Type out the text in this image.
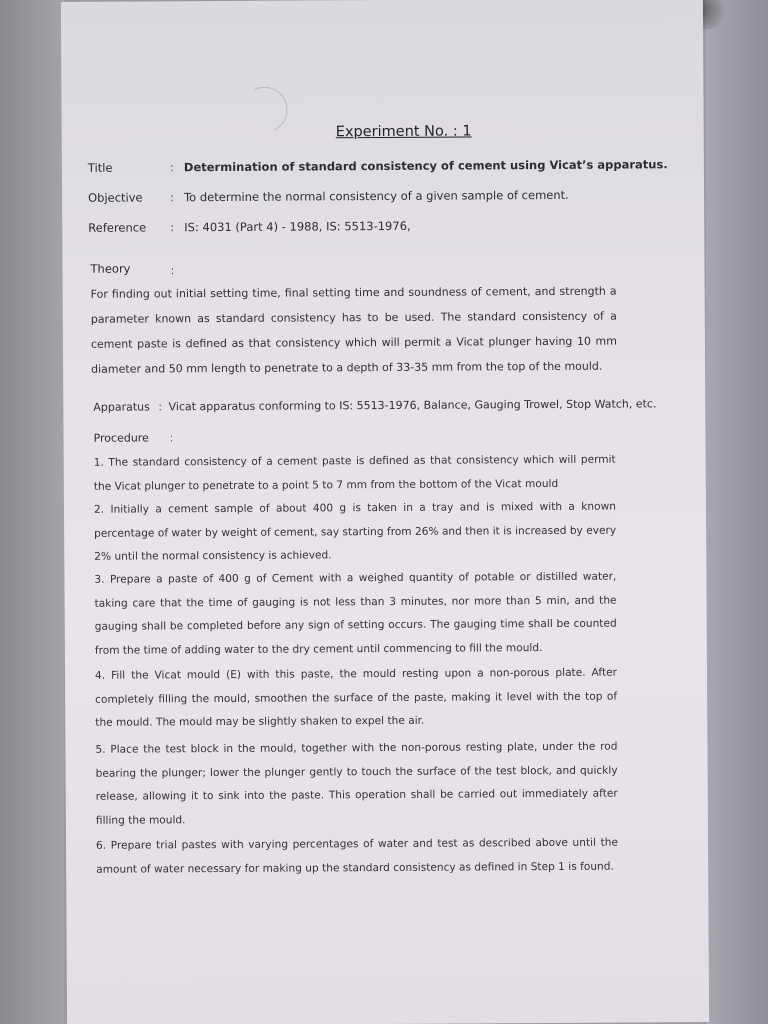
Experiment No. : 1
Title	: Determination of standard consistency of cement using Vicat’s apparatus.
Objective : To determine the normal consistency of a given sample of cement.
Reference : IS: 4031 (Part 4) - 1988, IS: 5513-1976,
Theory	:
For finding out initial setting time, final setting time and soundness of cement, and strength a parameter known as standard consistency has to be used. The standard consistency of a cement paste is defined as that consistency which will permit a Vicat plunger having 10 mm diameter and 50 mm length to penetrate to a depth of 33-35 mm from the top of the mould.
Apparatus : Vicat apparatus conforming to IS: 5513-1976, Balance, Gauging Trowel, Stop Watch, etc.
Procedure :
1. The standard consistency of a cement paste is defined as that consistency which will permit the Vicat plunger to penetrate to a point 5 to 7 mm from the bottom of the Vicat mould
2. Initially a cement sample of about 400 g is taken in a tray and is mixed with a known percentage of water by weight of cement, say starting from 26% and then it is increased by every 2% until the normal consistency is achieved.
3. Prepare a paste of 400 g of Cement with a weighed quantity of potable or distilled water, taking care that the time of gauging is not less than 3 minutes, nor more than 5 min, and the gauging shall be completed before any sign of setting occurs. The gauging time shall be counted from the time of adding water to the dry cement until commencing to fill the mould.
4. Fill the Vicat mould (E) with this paste, the mould resting upon a non-porous plate. After completely filling the mould, smoothen the surface of the paste, making it level with the top of the mould. The mould may be slightly shaken to expel the air.
5. Place the test block in the mould, together with the non-porous resting plate, under the rod bearing the plunger; lower the plunger gently to touch the surface of the test block, and quickly release, allowing it to sink into the paste. This operation shall be carried out immediately after filling the mould.
6. Prepare trial pastes with varying percentages of water and test as described above until the amount of water necessary for making up the standard consistency as defined in Step 1 is found.
